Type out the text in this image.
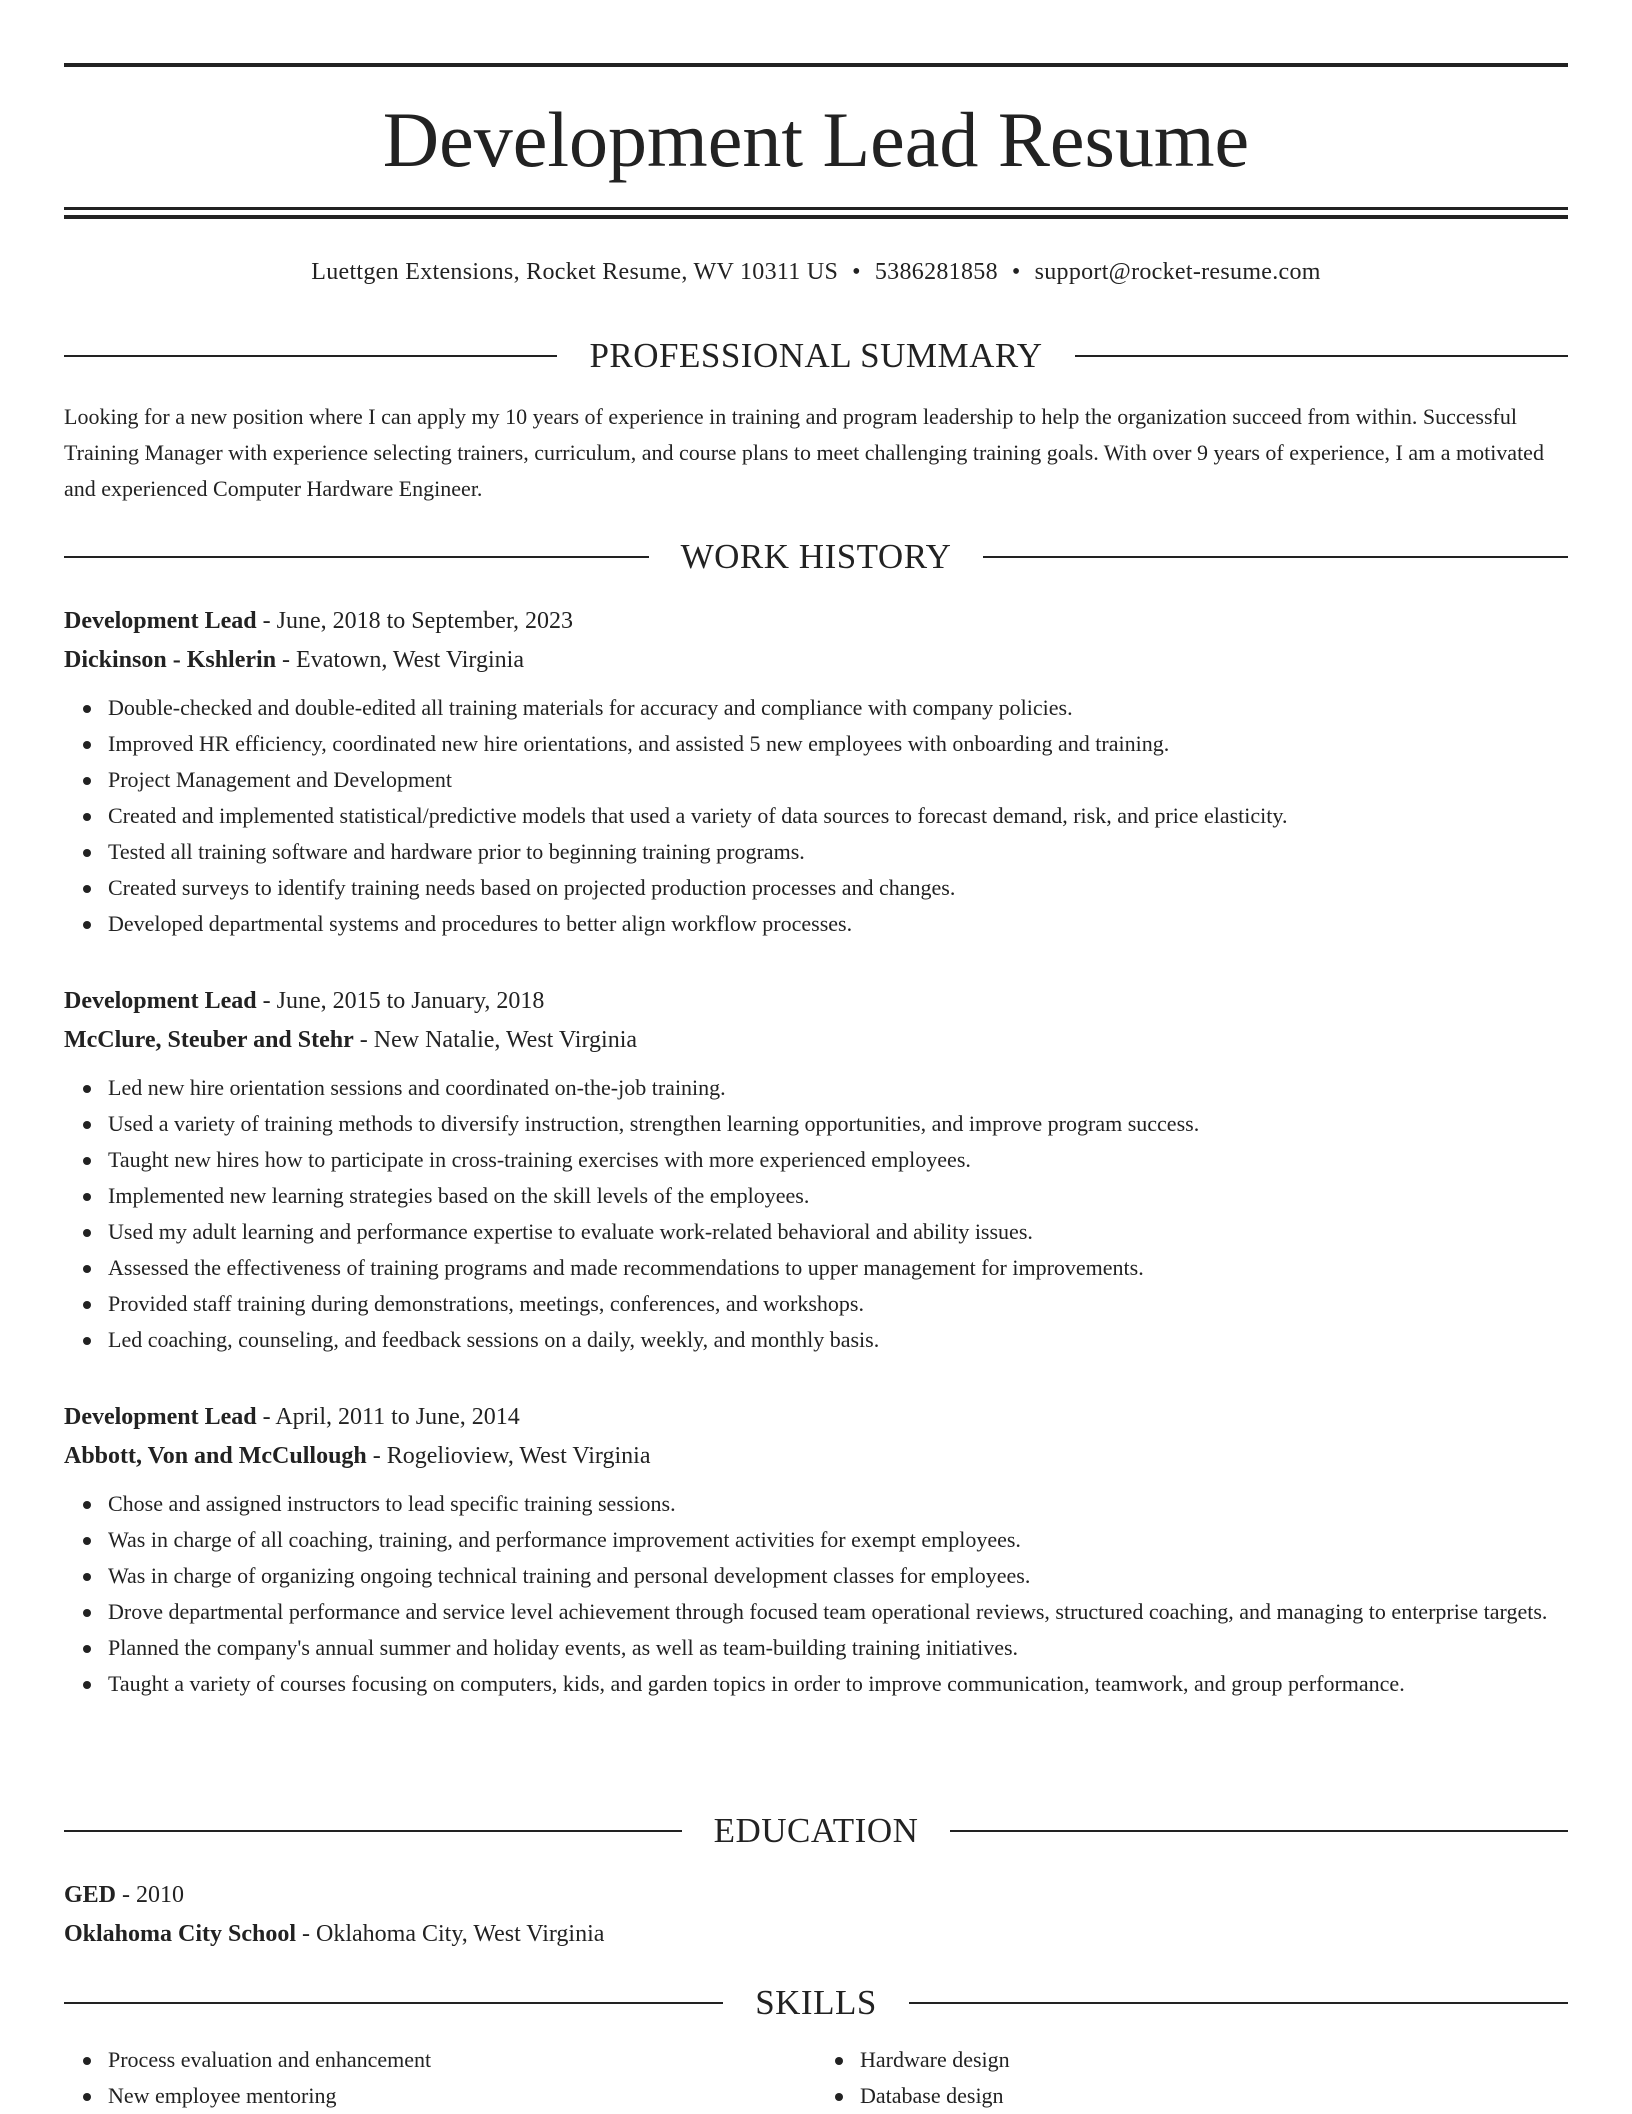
Development Lead Resume
Luettgen Extensions, Rocket Resume, WV 10311 US • 5386281858 • support@rocket-resume.com
PROFESSIONAL SUMMARY

Looking for a new position where I can apply my 10 years of experience in training and program leadership to help the organization succeed from within. Successful Training Manager with experience selecting trainers, curriculum, and course plans to meet challenging training goals. With over 9 years of experience, I am a motivated and experienced Computer Hardware Engineer.

WORK HISTORY
Development Lead - June, 2018 to September, 2023
Dickinson - Kshlerin - Evatown, West Virginia
Double-checked and double-edited all training materials for accuracy and compliance with company policies.
Improved HR efficiency, coordinated new hire orientations, and assisted 5 new employees with onboarding and training.
Project Management and Development
Created and implemented statistical/predictive models that used a variety of data sources to forecast demand, risk, and price elasticity.
Tested all training software and hardware prior to beginning training programs.
Created surveys to identify training needs based on projected production processes and changes.
Developed departmental systems and procedures to better align workflow processes.
Development Lead - June, 2015 to January, 2018
McClure, Steuber and Stehr - New Natalie, West Virginia
Led new hire orientation sessions and coordinated on-the-job training.
Used a variety of training methods to diversify instruction, strengthen learning opportunities, and improve program success.
Taught new hires how to participate in cross-training exercises with more experienced employees.
Implemented new learning strategies based on the skill levels of the employees.
Used my adult learning and performance expertise to evaluate work-related behavioral and ability issues.
Assessed the effectiveness of training programs and made recommendations to upper management for improvements.
Provided staff training during demonstrations, meetings, conferences, and workshops.
Led coaching, counseling, and feedback sessions on a daily, weekly, and monthly basis.
Development Lead - April, 2011 to June, 2014
Abbott, Von and McCullough - Rogelioview, West Virginia
Chose and assigned instructors to lead specific training sessions.
Was in charge of all coaching, training, and performance improvement activities for exempt employees.
Was in charge of organizing ongoing technical training and personal development classes for employees.
Drove departmental performance and service level achievement through focused team operational reviews, structured coaching, and managing to enterprise targets.
Planned the company's annual summer and holiday events, as well as team-building training initiatives.
Taught a variety of courses focusing on computers, kids, and garden topics in order to improve communication, teamwork, and group performance.
EDUCATION
GED - 2010
Oklahoma City School - Oklahoma City, West Virginia
SKILLS
Process evaluation and enhancement
New employee mentoring
Hardware design
Database design
